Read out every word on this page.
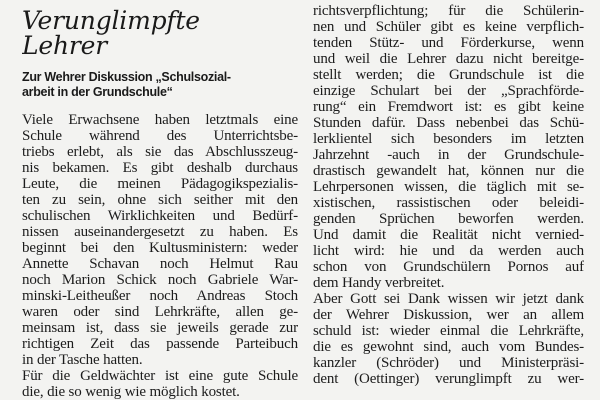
Verunglimpfte
Lehrer
Zur Wehrer Diskussion „Schulsozial-
arbeit in der Grundschule“
Viele Erwachsene haben letztmals eine
Schule während des Unterrichtsbe-
triebs erlebt, als sie das Abschlusszeug-
nis bekamen. Es gibt deshalb durchaus
Leute, die meinen Pädagogikspezialis-
ten zu sein, ohne sich seither mit den
schulischen Wirklichkeiten und Bedürf-
nissen auseinandergesetzt zu haben. Es
beginnt bei den Kultusministern: weder
Annette Schavan noch Helmut Rau
noch Marion Schick noch Gabriele War-
minski-Leitheußer noch Andreas Stoch
waren oder sind Lehrkräfte, allen ge-
meinsam ist, dass sie jeweils gerade zur
richtigen Zeit das passende Parteibuch
in der Tasche hatten.
Für die Geldwächter ist eine gute Schule
die, die so wenig wie möglich kostet.
richtsverpflichtung; für die Schülerin-
nen und Schüler gibt es keine verpflich-
tenden Stütz- und Förderkurse, wenn
und weil die Lehrer dazu nicht bereitge-
stellt werden; die Grundschule ist die
einzige Schulart bei der „Sprachförde-
rung“ ein Fremdwort ist: es gibt keine
Stunden dafür. Dass nebenbei das Schü-
lerklientel sich besonders im letzten
Jahrzehnt -auch in der Grundschule-
drastisch gewandelt hat, können nur die
Lehrpersonen wissen, die täglich mit se-
xistischen, rassistischen oder beleidi-
genden Sprüchen beworfen werden.
Und damit die Realität nicht vernied-
licht wird: hie und da werden auch
schon von Grundschülern Pornos auf
dem Handy verbreitet.
Aber Gott sei Dank wissen wir jetzt dank
der Wehrer Diskussion, wer an allem
schuld ist: wieder einmal die Lehrkräfte,
die es gewohnt sind, auch vom Bundes-
kanzler (Schröder) und Ministerpräsi-
dent (Oettinger) verunglimpft zu wer-
